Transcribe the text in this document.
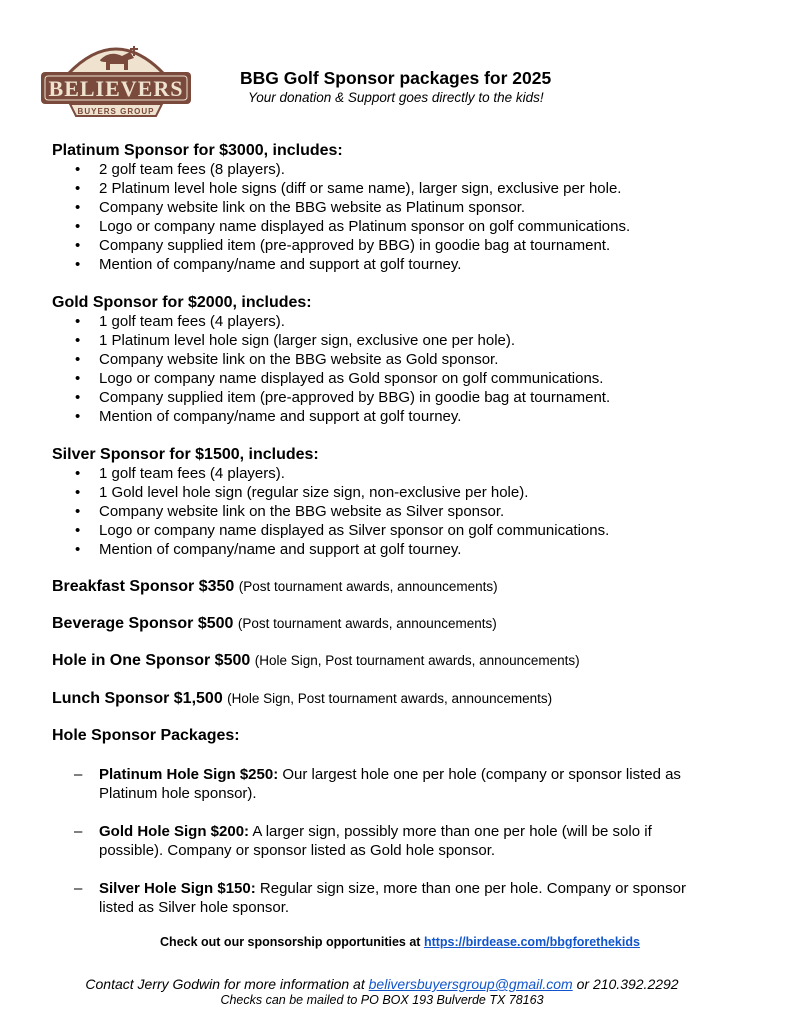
BELIEVERS
BUYERS GROUP
BBG Golf Sponsor packages for 2025
Your donation & Support goes directly to the kids!
Platinum Sponsor for $3000, includes:
• 2 golf team fees (8 players).
• 2 Platinum level hole signs (diff or same name), larger sign, exclusive per hole.
• Company website link on the BBG website as Platinum sponsor.
• Logo or company name displayed as Platinum sponsor on golf communications.
• Company supplied item (pre-approved by BBG) in goodie bag at tournament.
• Mention of company/name and support at golf tourney.
Gold Sponsor for $2000, includes:
• 1 golf team fees (4 players).
• 1 Platinum level hole sign (larger sign, exclusive one per hole).
• Company website link on the BBG website as Gold sponsor.
• Logo or company name displayed as Gold sponsor on golf communications.
• Company supplied item (pre-approved by BBG) in goodie bag at tournament.
• Mention of company/name and support at golf tourney.
Silver Sponsor for $1500, includes:
• 1 golf team fees (4 players).
• 1 Gold level hole sign (regular size sign, non-exclusive per hole).
• Company website link on the BBG website as Silver sponsor.
• Logo or company name displayed as Silver sponsor on golf communications.
• Mention of company/name and support at golf tourney.
Breakfast Sponsor $350 (Post tournament awards, announcements)
Beverage Sponsor $500 (Post tournament awards, announcements)
Hole in One Sponsor $500 (Hole Sign, Post tournament awards, announcements)
Lunch Sponsor $1,500 (Hole Sign, Post tournament awards, announcements)
Hole Sponsor Packages:
– Platinum Hole Sign $250: Our largest hole one per hole (company or sponsor listed as Platinum hole sponsor).
– Gold Hole Sign $200: A larger sign, possibly more than one per hole (will be solo if possible). Company or sponsor listed as Gold hole sponsor.
– Silver Hole Sign $150: Regular sign size, more than one per hole. Company or sponsor listed as Silver hole sponsor.
Check out our sponsorship opportunities at https://birdease.com/bbgforethekids
Contact Jerry Godwin for more information at beliversbuyersgroup@gmail.com or 210.392.2292
Checks can be mailed to PO BOX 193 Bulverde TX 78163
